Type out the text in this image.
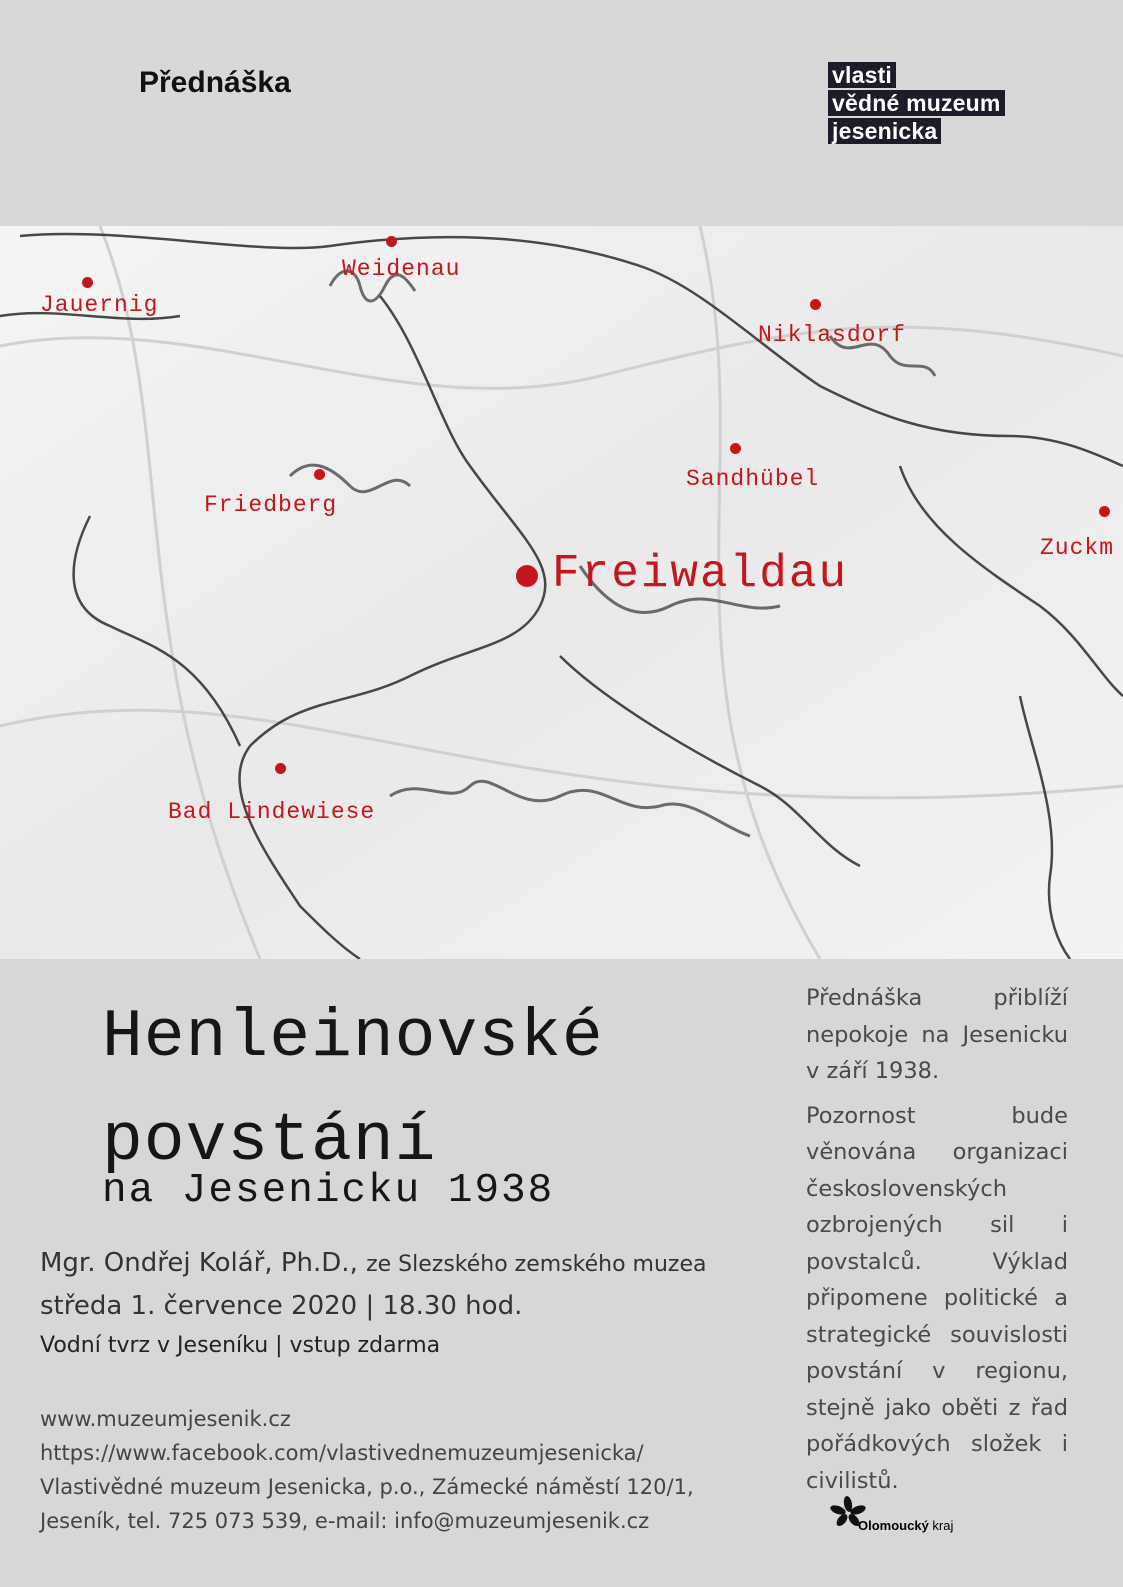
Přednáška	vlasti
vědné muzeum
jesenicka
Jauernig
Weidenau
Niklasdorf
Friedberg
Sandhübel
Zuckm
Freiwaldau
Bad Lindewiese
Henleinovské
povstání
na Jesenicku 1938
Mgr. Ondřej Kolář, Ph.D., ze Slezského zemského muzea
středa 1. července 2020 | 18.30 hod.
Vodní tvrz v Jeseníku | vstup zdarma
www.muzeumjesenik.cz
https://www.facebook.com/vlastivednemuzeumjesenicka/
Vlastivědné muzeum Jesenicka, p.o., Zámecké náměstí 120/1,
Jeseník, tel. 725 073 539, e-mail: info@muzeumjesenik.cz

Přednáška přiblíží nepokoje na Jesenicku v září 1938.

Pozornost bude věnována organizaci československých ozbrojených sil i povstalců. Výklad připomene politické a strategické souvislosti povstání v regionu, stejně jako oběti z řad pořádkových složek i civilistů.

Olomoucký kraj
